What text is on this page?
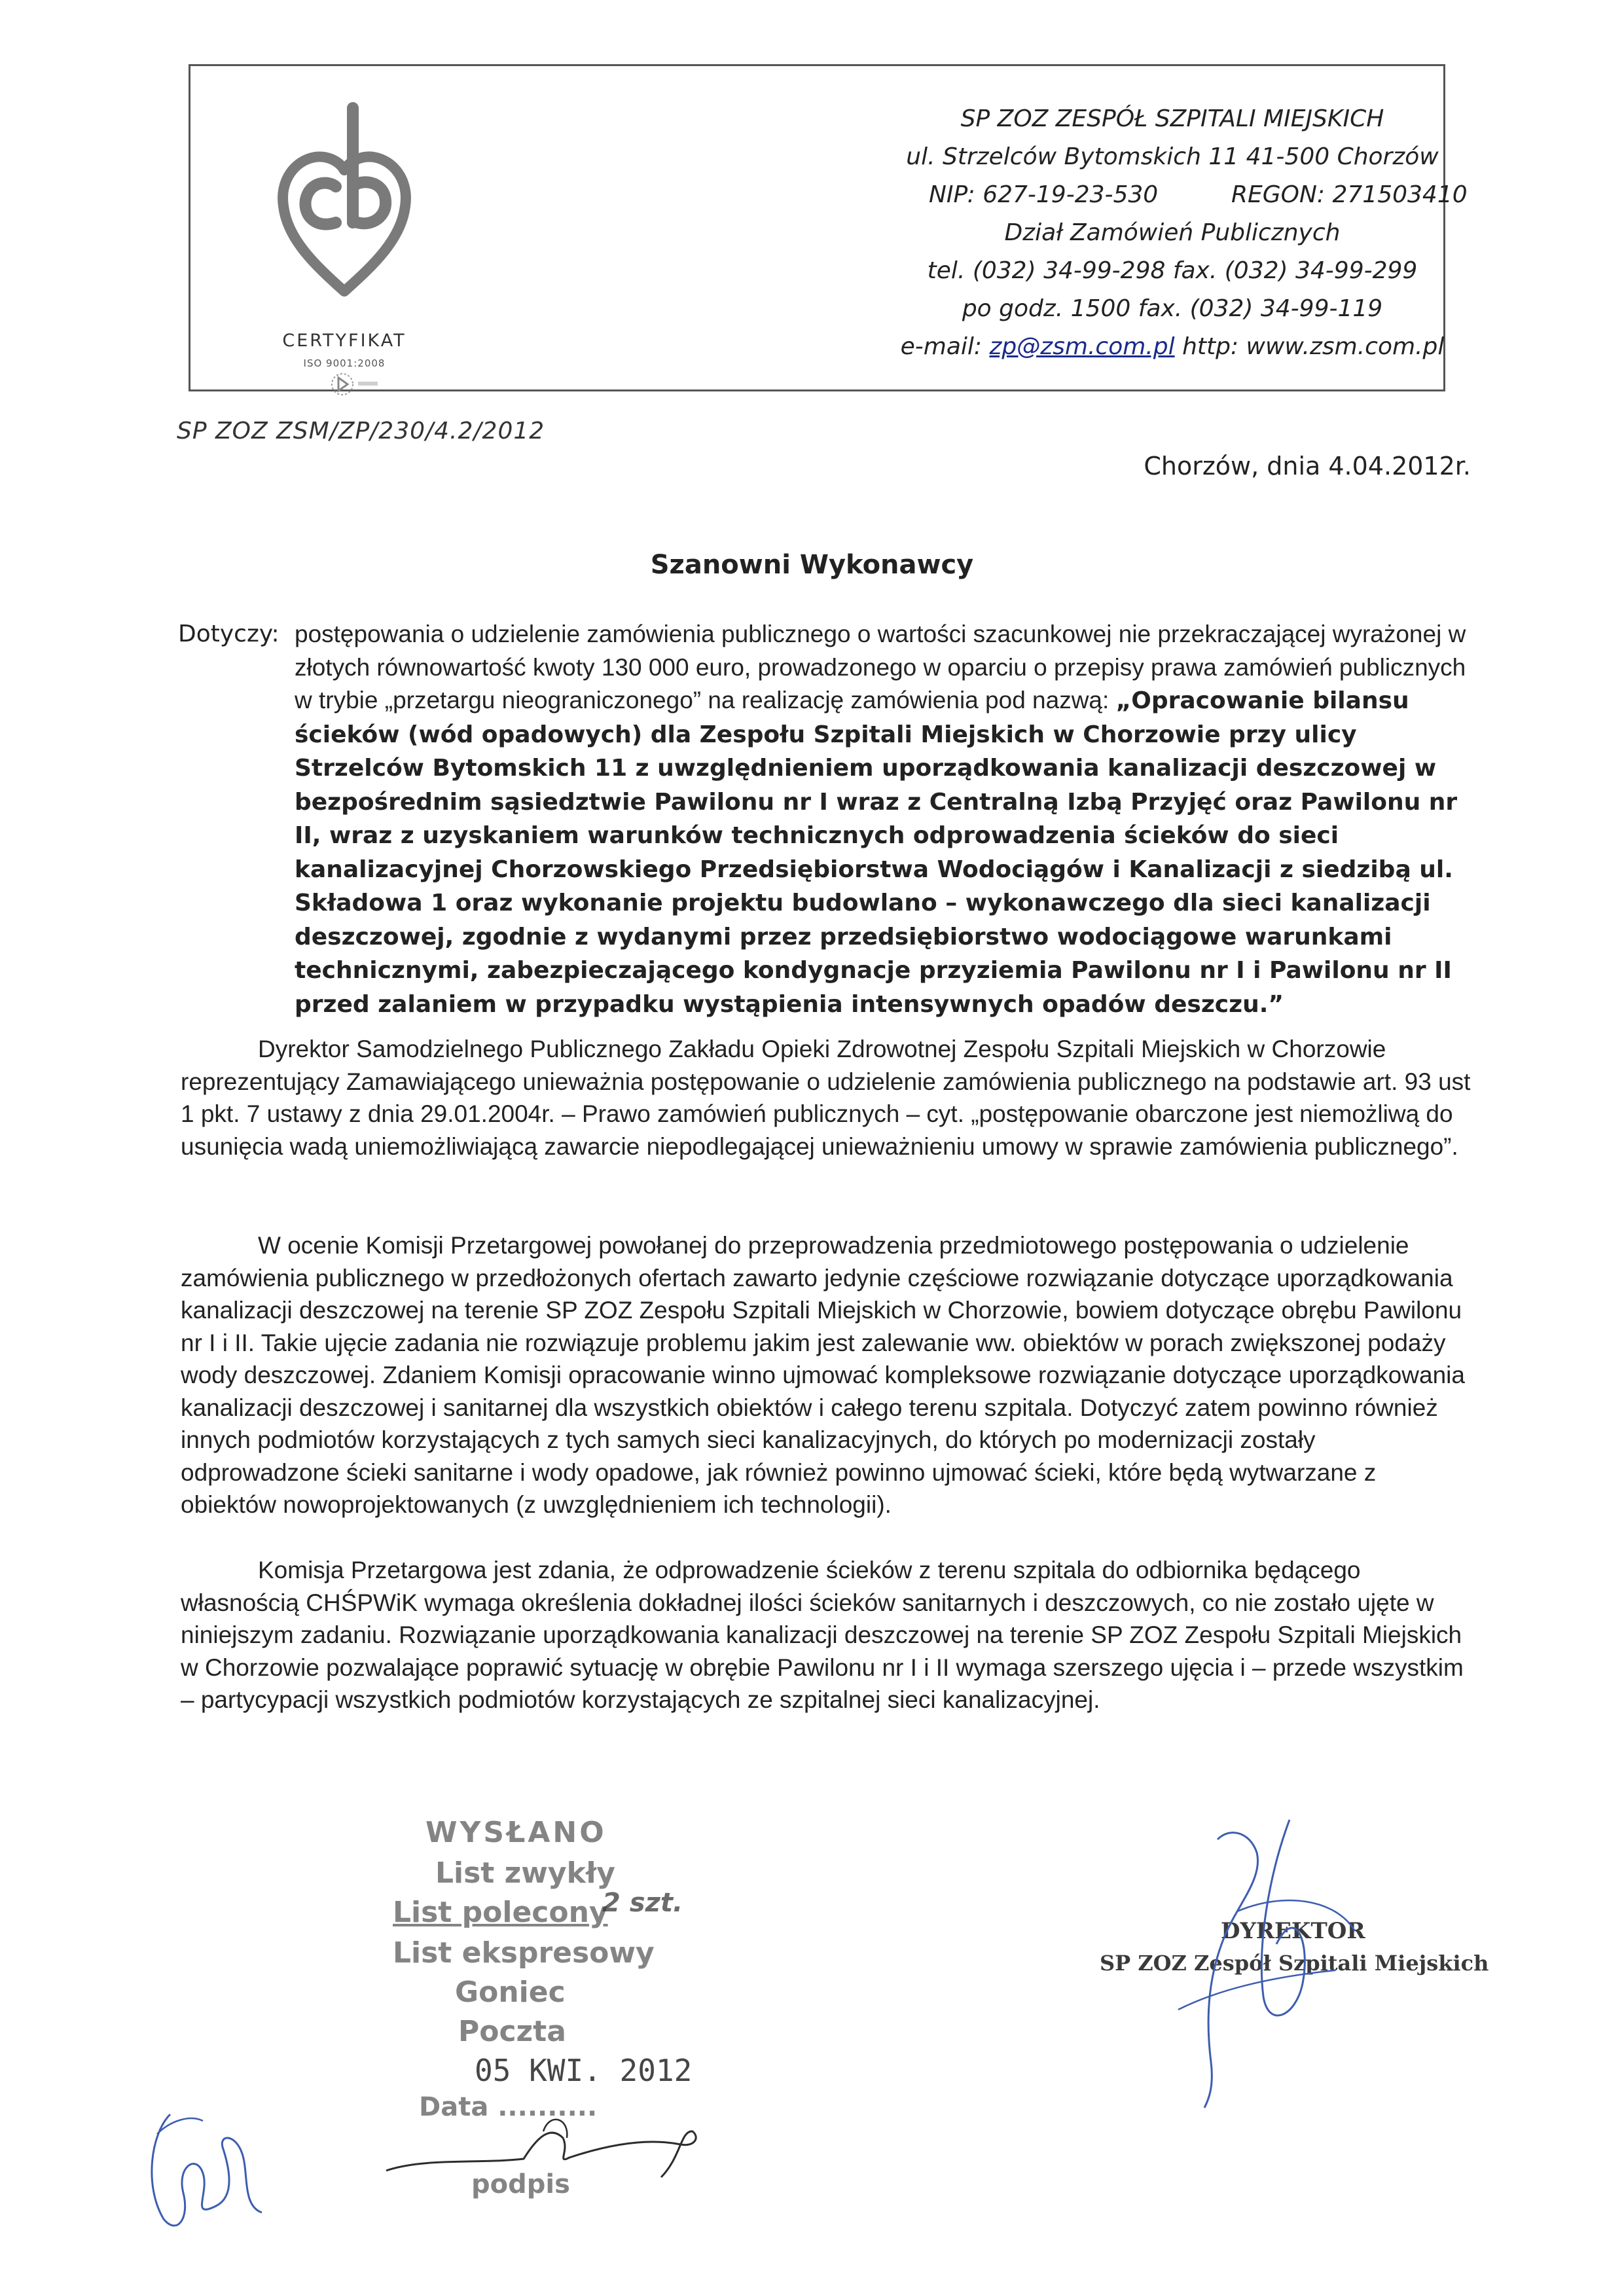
CERTYFIKAT
ISO 9001:2008
SP ZOZ ZESPÓŁ SZPITALI MIEJSKICH
ul. Strzelców Bytomskich 11 41-500 Chorzów
NIP: 627-19-23-530	REGON: 271503410
Dział Zamówień Publicznych
tel. (032) 34-99-298 fax. (032) 34-99-299
po godz. 1500 fax. (032) 34-99-119
e-mail: zp@zsm.com.pl http: www.zsm.com.pl
SP ZOZ ZSM/ZP/230/4.2/2012
Chorzów, dnia 4.04.2012r.
Szanowni Wykonawcy
Dotyczy: postępowania o udzielenie zamówienia publicznego o wartości szacunkowej nie przekraczającej wyrażonej w złotych równowartość kwoty 130 000 euro, prowadzonego w oparciu o przepisy prawa zamówień publicznych w trybie „przetargu nieograniczonego” na realizację zamówienia pod nazwą: „Opracowanie bilansu ścieków (wód opadowych) dla Zespołu Szpitali Miejskich w Chorzowie przy ulicy Strzelców Bytomskich 11 z uwzględnieniem uporządkowania kanalizacji deszczowej w bezpośrednim sąsiedztwie Pawilonu nr I wraz z Centralną Izbą Przyjęć oraz Pawilonu nr II, wraz z uzyskaniem warunków technicznych odprowadzenia ścieków do sieci kanalizacyjnej Chorzowskiego Przedsiębiorstwa Wodociągów i Kanalizacji z siedzibą ul. Składowa 1 oraz wykonanie projektu budowlano – wykonawczego dla sieci kanalizacji deszczowej, zgodnie z wydanymi przez przedsiębiorstwo wodociągowe warunkami technicznymi, zabezpieczającego kondygnacje przyziemia Pawilonu nr I i Pawilonu nr II przed zalaniem w przypadku wystąpienia intensywnych opadów deszczu.”

Dyrektor Samodzielnego Publicznego Zakładu Opieki Zdrowotnej Zespołu Szpitali Miejskich w Chorzowie reprezentujący Zamawiającego unieważnia postępowanie o udzielenie zamówienia publicznego na podstawie art. 93 ust 1 pkt. 7 ustawy z dnia 29.01.2004r. – Prawo zamówień publicznych – cyt. „postępowanie obarczone jest niemożliwą do usunięcia wadą uniemożliwiającą zawarcie niepodlegającej unieważnieniu umowy w sprawie zamówienia publicznego”.

W ocenie Komisji Przetargowej powołanej do przeprowadzenia przedmiotowego postępowania o udzielenie zamówienia publicznego w przedłożonych ofertach zawarto jedynie częściowe rozwiązanie dotyczące uporządkowania kanalizacji deszczowej na terenie SP ZOZ Zespołu Szpitali Miejskich w Chorzowie, bowiem dotyczące obrębu Pawilonu nr I i II. Takie ujęcie zadania nie rozwiązuje problemu jakim jest zalewanie ww. obiektów w porach zwiększonej podaży wody deszczowej. Zdaniem Komisji opracowanie winno ujmować kompleksowe rozwiązanie dotyczące uporządkowania kanalizacji deszczowej i sanitarnej dla wszystkich obiektów i całego terenu szpitala. Dotyczyć zatem powinno również innych podmiotów korzystających z tych samych sieci kanalizacyjnych, do których po modernizacji zostały odprowadzone ścieki sanitarne i wody opadowe, jak również powinno ujmować ścieki, które będą wytwarzane z obiektów nowoprojektowanych (z uwzględnieniem ich technologii).

Komisja Przetargowa jest zdania, że odprowadzenie ścieków z terenu szpitala do odbiornika będącego własnością CHŚPWiK wymaga określenia dokładnej ilości ścieków sanitarnych i deszczowych, co nie zostało ujęte w niniejszym zadaniu. Rozwiązanie uporządkowania kanalizacji deszczowej na terenie SP ZOZ Zespołu Szpitali Miejskich w Chorzowie pozwalające poprawić sytuację w obrębie Pawilonu nr I i II wymaga szerszego ujęcia i – przede wszystkim – partycypacji wszystkich podmiotów korzystających ze szpitalnej sieci kanalizacyjnej.

WYSŁANO
List zwykły
List polecony
2 szt.
List ekspresowy
Goniec
Poczta
05 KWI. 2012
Data ..........
podpis
DYREKTOR
SP ZOZ Zespół Szpitali Miejskich
